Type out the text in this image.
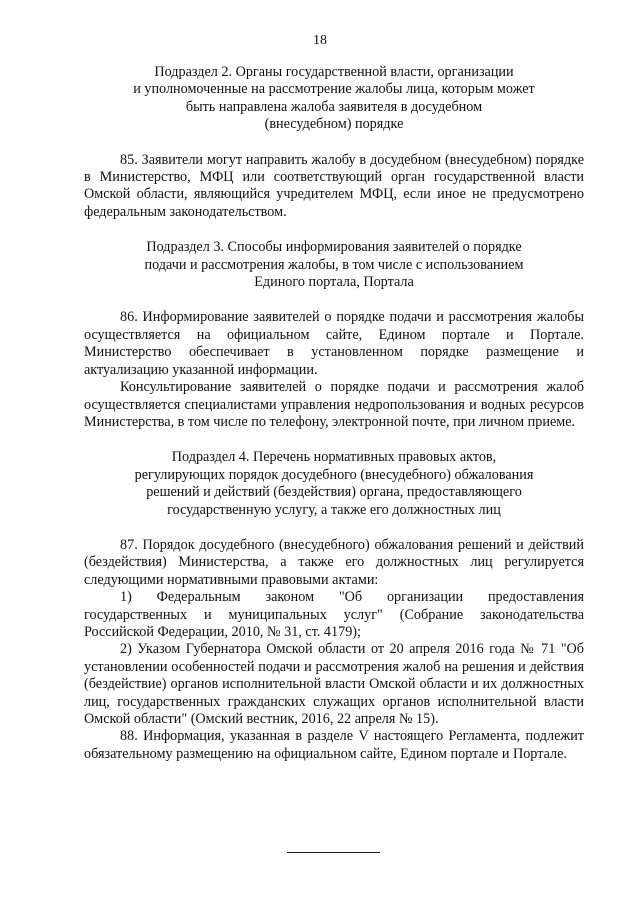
18
Подраздел 2. Органы государственной власти, организации
и уполномоченные на рассмотрение жалобы лица, которым может
быть направлена жалоба заявителя в досудебном
(внесудебном) порядке

85. Заявители могут направить жалобу в досудебном (внесудебном) порядке в Министерство, МФЦ или соответствующий орган государственной власти Омской области, являющийся учредителем МФЦ, если иное не предусмотрено федеральным законодательством.

Подраздел 3. Способы информирования заявителей о порядке
подачи и рассмотрения жалобы, в том числе с использованием
Единого портала, Портала

86. Информирование заявителей о порядке подачи и рассмотрения жалобы осуществляется на официальном сайте, Едином портале и Портале. Министерство обеспечивает в установленном порядке размещение и актуализацию указанной информации.

Консультирование заявителей о порядке подачи и рассмотрения жалоб осуществляется специалистами управления недропользования и водных ресурсов Министерства, в том числе по телефону, электронной почте, при личном приеме.

Подраздел 4. Перечень нормативных правовых актов,
регулирующих порядок досудебного (внесудебного) обжалования
решений и действий (бездействия) органа, предоставляющего
государственную услугу, а также его должностных лиц

87. Порядок досудебного (внесудебного) обжалования решений и действий (бездействия) Министерства, а также его должностных лиц регулируется следующими нормативными правовыми актами:

1) Федеральным законом "Об организации предоставления государственных и муниципальных услуг" (Собрание законодательства Российской Федерации, 2010, № 31, ст. 4179);

2) Указом Губернатора Омской области от 20 апреля 2016 года № 71 "Об установлении особенностей подачи и рассмотрения жалоб на решения и действия (бездействие) органов исполнительной власти Омской области и их должностных лиц, государственных гражданских служащих органов исполнительной власти Омской области" (Омский вестник, 2016, 22 апреля № 15).

88. Информация, указанная в разделе V настоящего Регламента, подлежит обязательному размещению на официальном сайте, Едином портале и Портале.
